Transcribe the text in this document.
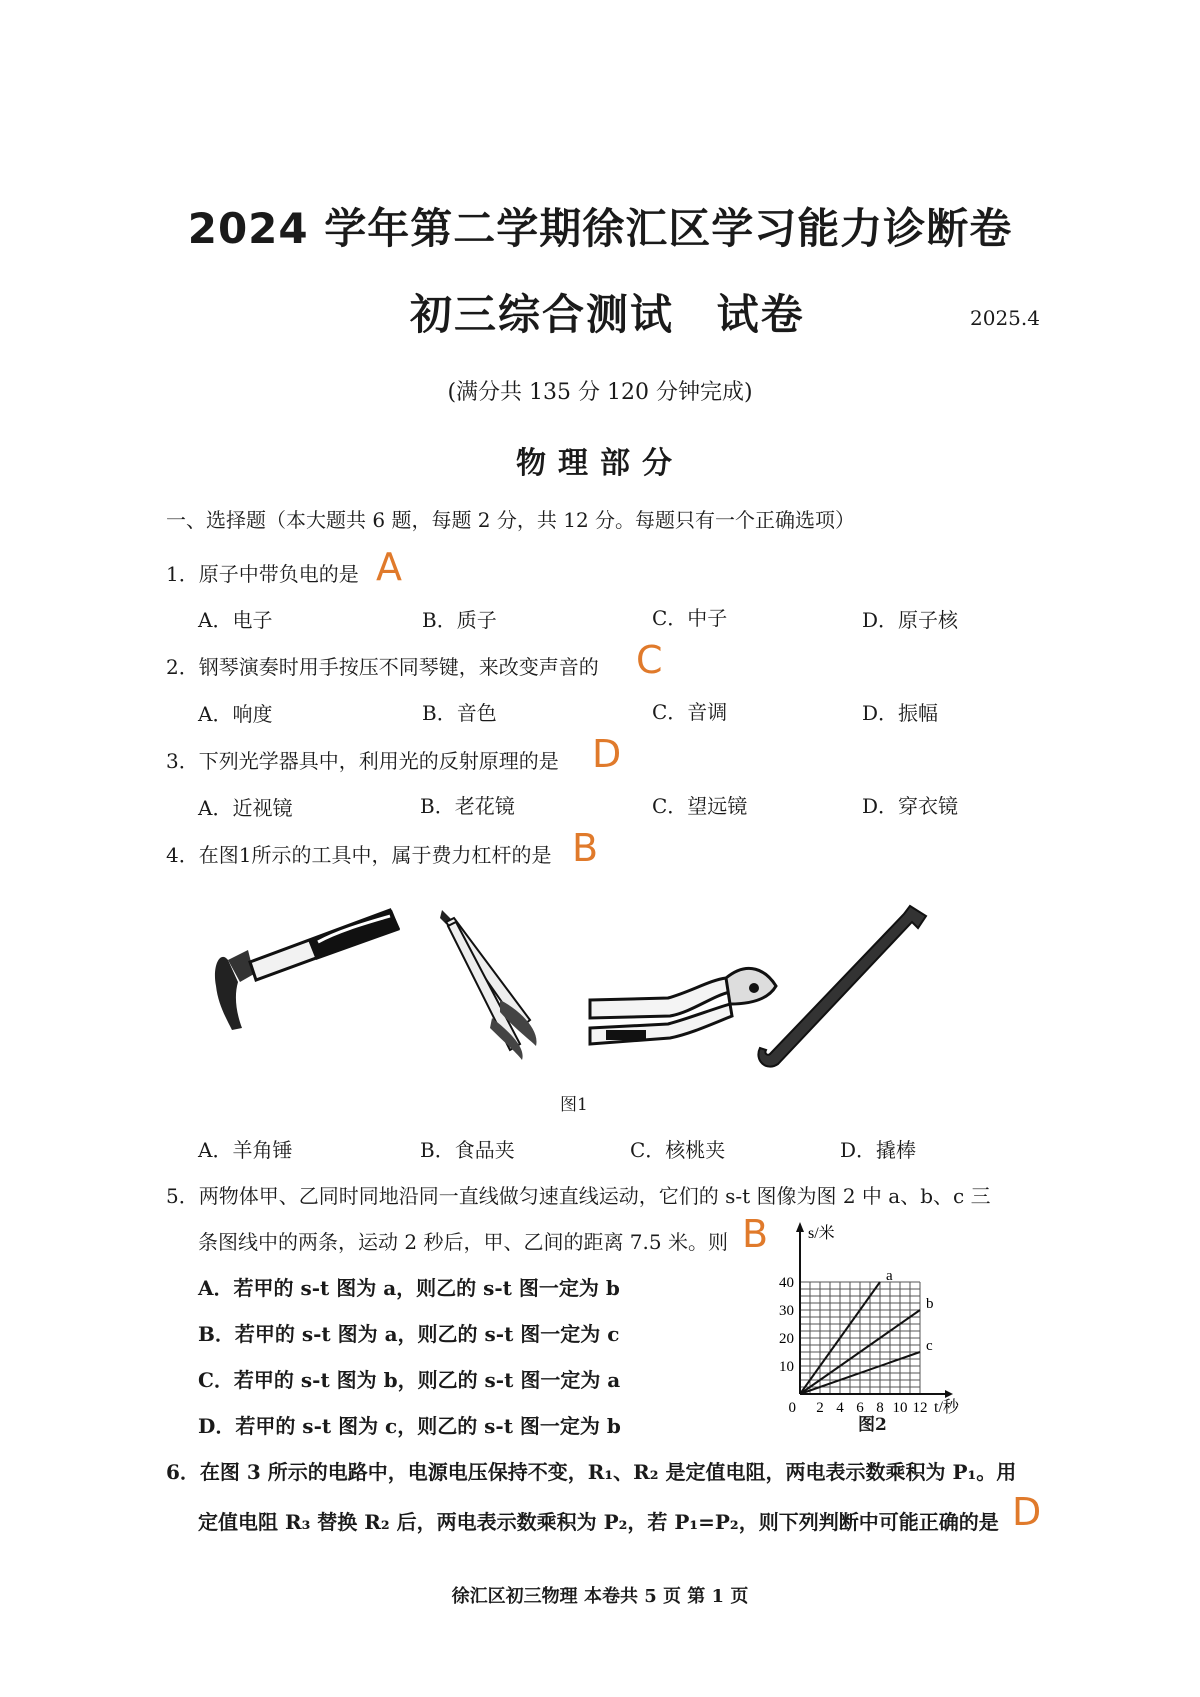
2024 学年第二学期徐汇区学习能力诊断卷
初三综合测试 试卷	2025.4
(满分共 135 分 120 分钟完成)
物理部分
一、选择题（本大题共 6 题，每题 2 分，共 12 分。每题只有一个正确选项）
1．原子中带负电的是 A
A．电子	B．质子	C．中子	D．原子核
2．钢琴演奏时用手按压不同琴键，来改变声音的 C
A．响度	B．音色	C．音调	D．振幅
3．下列光学器具中，利用光的反射原理的是 D
A．近视镜	B．老花镜	C．望远镜	D．穿衣镜
4．在图1所示的工具中，属于费力杠杆的是 B
图1
A．羊角锤	B．食品夹	C．核桃夹	D．撬棒
5．两物体甲、乙同时同地沿同一直线做匀速直线运动，它们的 s-t 图像为图 2 中 a、b、c 三
条图线中的两条，运动 2 秒后，甲、乙间的距离 7.5 米。则 B
A．若甲的 s-t 图为 a，则乙的 s-t 图一定为 b
B．若甲的 s-t 图为 a，则乙的 s-t 图一定为 c
C．若甲的 s-t 图为 b，则乙的 s-t 图一定为 a
D．若甲的 s-t 图为 c，则乙的 s-t 图一定为 b
a
b
c
10
20
30
40
2 4 6 8 10 12
0
s/米
t/秒
图2
6．在图 3 所示的电路中，电源电压保持不变，R₁、R₂ 是定值电阻，两电表示数乘积为 P₁。用
定值电阻 R₃ 替换 R₂ 后，两电表示数乘积为 P₂，若 P₁=P₂，则下列判断中可能正确的是 D
徐汇区初三物理 本卷共 5 页 第 1 页
